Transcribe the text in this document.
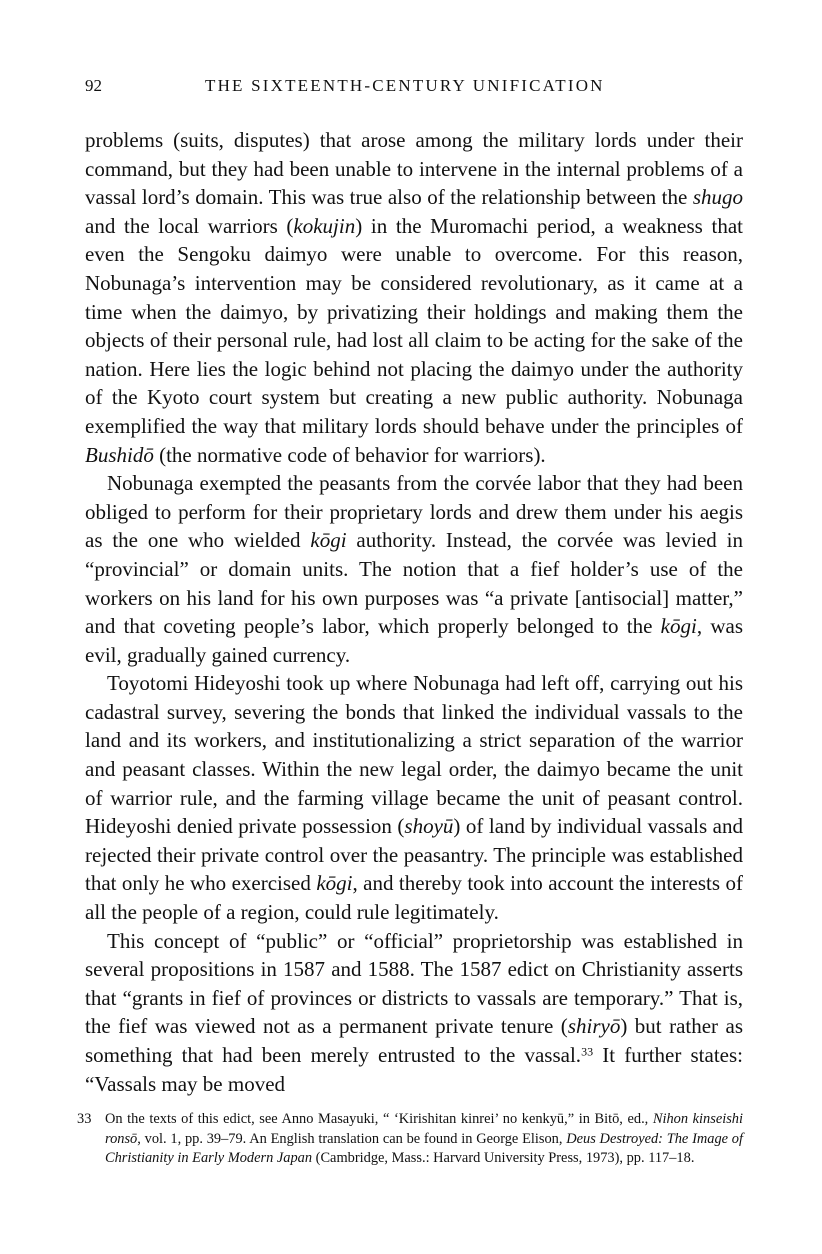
92	THE SIXTEENTH-CENTURY UNIFICATION

problems (suits, disputes) that arose among the military lords under their command, but they had been unable to intervene in the internal problems of a vassal lord’s domain. This was true also of the relationship between the shugo and the local warriors (kokujin) in the Muromachi period, a weakness that even the Sengoku daimyo were unable to overcome. For this reason, Nobunaga’s intervention may be considered revolutionary, as it came at a time when the daimyo, by privatizing their holdings and making them the objects of their personal rule, had lost all claim to be acting for the sake of the nation. Here lies the logic behind not placing the daimyo under the authority of the Kyoto court system but creating a new public authority. Nobunaga exemplified the way that military lords should behave under the principles of Bushidō (the normative code of behavior for warriors).

Nobunaga exempted the peasants from the corvée labor that they had been obliged to perform for their proprietary lords and drew them under his aegis as the one who wielded kōgi authority. Instead, the corvée was levied in “provincial” or domain units. The notion that a fief holder’s use of the workers on his land for his own purposes was “a private [antisocial] matter,” and that coveting people’s labor, which properly belonged to the kōgi, was evil, gradually gained currency.

Toyotomi Hideyoshi took up where Nobunaga had left off, carrying out his cadastral survey, severing the bonds that linked the individual vassals to the land and its workers, and institutionalizing a strict separation of the warrior and peasant classes. Within the new legal order, the daimyo became the unit of warrior rule, and the farming village became the unit of peasant control. Hideyoshi denied private possession (shoyū) of land by individual vassals and rejected their private control over the peasantry. The principle was established that only he who exercised kōgi, and thereby took into account the interests of all the people of a region, could rule legitimately.

This concept of “public” or “official” proprietorship was established in several propositions in 1587 and 1588. The 1587 edict on Christianity asserts that “grants in fief of provinces or districts to vassals are temporary.” That is, the fief was viewed not as a permanent private tenure (shiryō) but rather as something that had been merely entrusted to the vassal.$^{33}$ It further states: “Vassals may be moved

33 On the texts of this edict, see Anno Masayuki, “ ‘Kirishitan kinrei’ no kenkyū,” in Bitō, ed., Nihon kinseishi ronsō, vol. 1, pp. 39–79. An English translation can be found in George Elison, Deus Destroyed: The Image of Christianity in Early Modern Japan (Cambridge, Mass.: Harvard University Press, 1973), pp. 117–18.
